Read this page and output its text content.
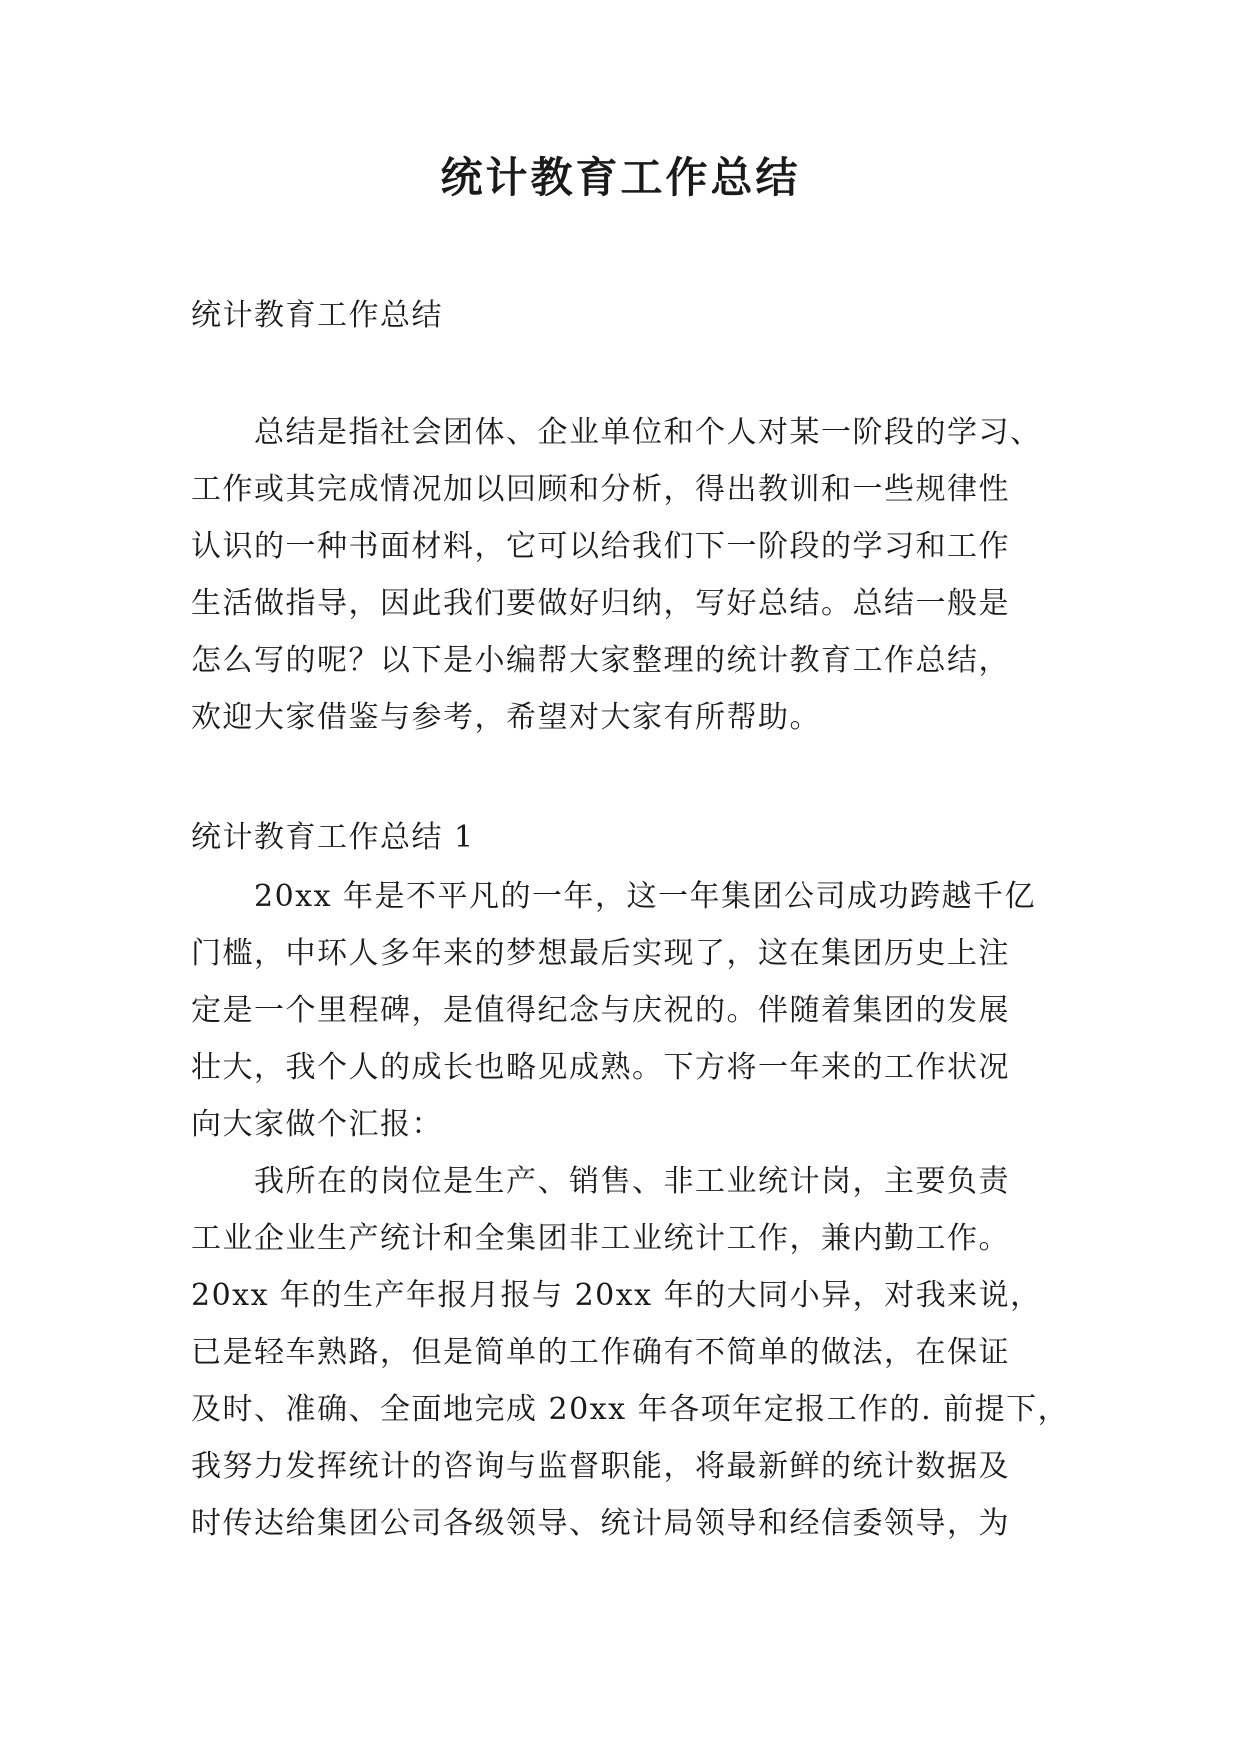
统计教育工作总结
统计教育工作总结
总结是指社会团体、企业单位和个人对某一阶段的学习、
工作或其完成情况加以回顾和分析，得出教训和一些规律性
认识的一种书面材料，它可以给我们下一阶段的学习和工作
生活做指导，因此我们要做好归纳，写好总结。总结一般是
怎么写的呢？以下是小编帮大家整理的统计教育工作总结，
欢迎大家借鉴与参考，希望对大家有所帮助。
统计教育工作总结 1
20xx 年是不平凡的一年，这一年集团公司成功跨越千亿
门槛，中环人多年来的梦想最后实现了，这在集团历史上注
定是一个里程碑，是值得纪念与庆祝的。伴随着集团的发展
壮大，我个人的成长也略见成熟。下方将一年来的工作状况
向大家做个汇报：
我所在的岗位是生产、销售、非工业统计岗，主要负责
工业企业生产统计和全集团非工业统计工作，兼内勤工作。
20xx 年的生产年报月报与 20xx 年的大同小异，对我来说，
已是轻车熟路，但是简单的工作确有不简单的做法，在保证
及时、准确、全面地完成 20xx 年各项年定报工作的. 前提下，
我努力发挥统计的咨询与监督职能，将最新鲜的统计数据及
时传达给集团公司各级领导、统计局领导和经信委领导，为
